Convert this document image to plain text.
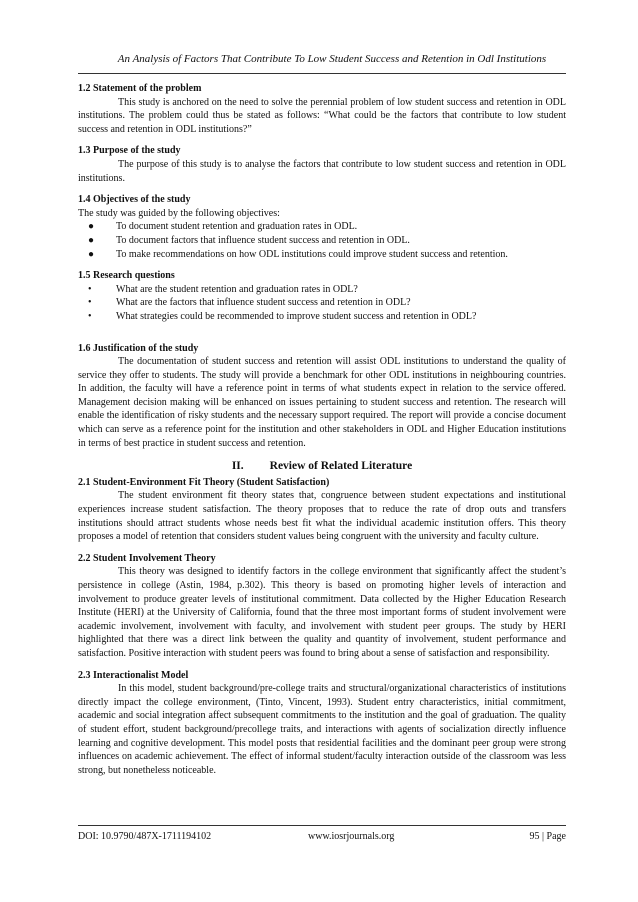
An Analysis of Factors That Contribute To Low Student Success and Retention in Odl Institutions
1.2 Statement of the problem
This study is anchored on the need to solve the perennial problem of low student success and retention in ODL institutions. The problem could thus be stated as follows: “What could be the factors that contribute to low student success and retention in ODL institutions?”
1.3 Purpose of the study
The purpose of this study is to analyse the factors that contribute to low student success and retention in ODL institutions.
1.4 Objectives of the study
The study was guided by the following objectives:
● To document student retention and graduation rates in ODL.
● To document factors that influence student success and retention in ODL.
● To make recommendations on how ODL institutions could improve student success and retention.
1.5 Research questions
• What are the student retention and graduation rates in ODL?
• What are the factors that influence student success and retention in ODL?
• What strategies could be recommended to improve student success and retention in ODL?
1.6 Justification of the study
The documentation of student success and retention will assist ODL institutions to understand the quality of service they offer to students. The study will provide a benchmark for other ODL institutions in neighbouring countries. In addition, the faculty will have a reference point in terms of what students expect in relation to the service offered. Management decision making will be enhanced on issues pertaining to student success and retention. The research will enable the identification of risky students and the necessary support required. The report will provide a concise document which can serve as a reference point for the institution and other stakeholders in ODL and Higher Education institutions in terms of best practice in student success and retention.
II. Review of Related Literature
2.1 Student-Environment Fit Theory (Student Satisfaction)
The student environment fit theory states that, congruence between student expectations and institutional experiences increase student satisfaction. The theory proposes that to reduce the rate of drop outs and transfers institutions should attract students whose needs best fit what the individual academic institution offers. This theory proposes a model of retention that considers student values being congruent with the university and faculty culture.
2.2 Student Involvement Theory
This theory was designed to identify factors in the college environment that significantly affect the student’s persistence in college (Astin, 1984, p.302). This theory is based on promoting higher levels of interaction and involvement to produce greater levels of institutional commitment. Data collected by the Higher Education Research Institute (HERI) at the University of California, found that the three most important forms of student involvement were academic involvement, involvement with faculty, and involvement with student peer groups. The study by HERI highlighted that there was a direct link between the quality and quantity of involvement, student performance and satisfaction. Positive interaction with student peers was found to bring about a sense of satisfaction and responsibility.
2.3 Interactionalist Model
In this model, student background/pre-college traits and structural/organizational characteristics of institutions directly impact the college environment, (Tinto, Vincent, 1993). Student entry characteristics, initial commitment, academic and social integration affect subsequent commitments to the institution and the goal of graduation. The quality of student effort, student background/precollege traits, and interactions with agents of socialization directly influence learning and cognitive development. This model posts that residential facilities and the dominant peer group were strong influences on academic achievement. The effect of informal student/faculty interaction outside of the classroom was less strong, but nonetheless noticeable.
DOI: 10.9790/487X-1711194102	www.iosrjournals.org	95 | Page
